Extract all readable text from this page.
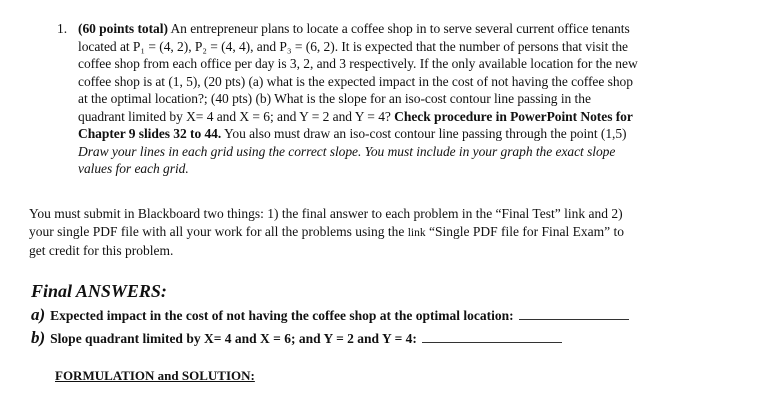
1. (60 points total) An entrepreneur plans to locate a coffee shop in to serve several current office tenants
located at P₁ = (4, 2), P₂ = (4, 4), and P₃ = (6, 2). It is expected that the number of persons that visit the
coffee shop from each office per day is 3, 2, and 3 respectively. If the only available location for the new
coffee shop is at (1, 5), (20 pts) (a) what is the expected impact in the cost of not having the coffee shop
at the optimal location?; (40 pts) (b) What is the slope for an iso-cost contour line passing in the
quadrant limited by X= 4 and X = 6; and Y = 2 and Y = 4? Check procedure in PowerPoint Notes for
Chapter 9 slides 32 to 44. You also must draw an iso-cost contour line passing through the point (1,5)
Draw your lines in each grid using the correct slope. You must include in your graph the exact slope
values for each grid.
You must submit in Blackboard two things: 1) the final answer to each problem in the “Final Test” link and 2)
your single PDF file with all your work for all the problems using the link “Single PDF file for Final Exam” to
get credit for this problem.
Final ANSWERS:
a) Expected impact in the cost of not having the coffee shop at the optimal location:
b) Slope quadrant limited by X= 4 and X = 6; and Y = 2 and Y = 4:
FORMULATION and SOLUTION:
